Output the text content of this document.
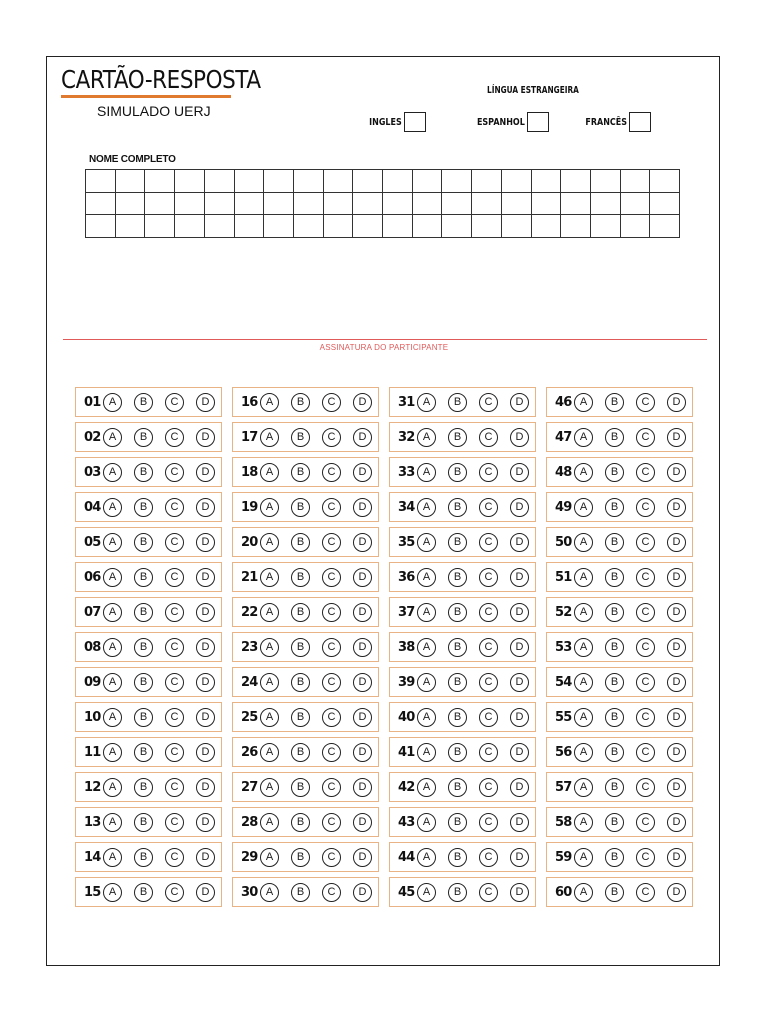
CARTÃO-RESPOSTA
SIMULADO UERJ
LÍNGUA ESTRANGEIRA
INGLES	ESPANHOL	FRANCÊS
NOME COMPLETO
ASSINATURA DO PARTICIPANTE
01 A	B	C	D
02 A	B	C	D
03 A	B	C	D
04 A	B	C	D
05 A	B	C	D
06 A	B	C	D
07 A	B	C	D
08 A	B	C	D
09 A	B	C	D
10 A	B	C	D
11 A	B	C	D
12 A	B	C	D
13 A	B	C	D
14 A	B	C	D
15 A	B	C	D
16 A	B	C	D
17 A	B	C	D
18 A	B	C	D
19 A	B	C	D
20 A	B	C	D
21 A	B	C	D
22 A	B	C	D
23 A	B	C	D
24 A	B	C	D
25 A	B	C	D
26 A	B	C	D
27 A	B	C	D
28 A	B	C	D
29 A	B	C	D
30 A	B	C	D
31 A	B	C	D
32 A	B	C	D
33 A	B	C	D
34 A	B	C	D
35 A	B	C	D
36 A	B	C	D
37 A	B	C	D
38 A	B	C	D
39 A	B	C	D
40 A	B	C	D
41 A	B	C	D
42 A	B	C	D
43 A	B	C	D
44 A	B	C	D
45 A	B	C	D
46 A	B	C	D
47 A	B	C	D
48 A	B	C	D
49 A	B	C	D
50 A	B	C	D
51 A	B	C	D
52 A	B	C	D
53 A	B	C	D
54 A	B	C	D
55 A	B	C	D
56 A	B	C	D
57 A	B	C	D
58 A	B	C	D
59 A	B	C	D
60 A	B	C	D
